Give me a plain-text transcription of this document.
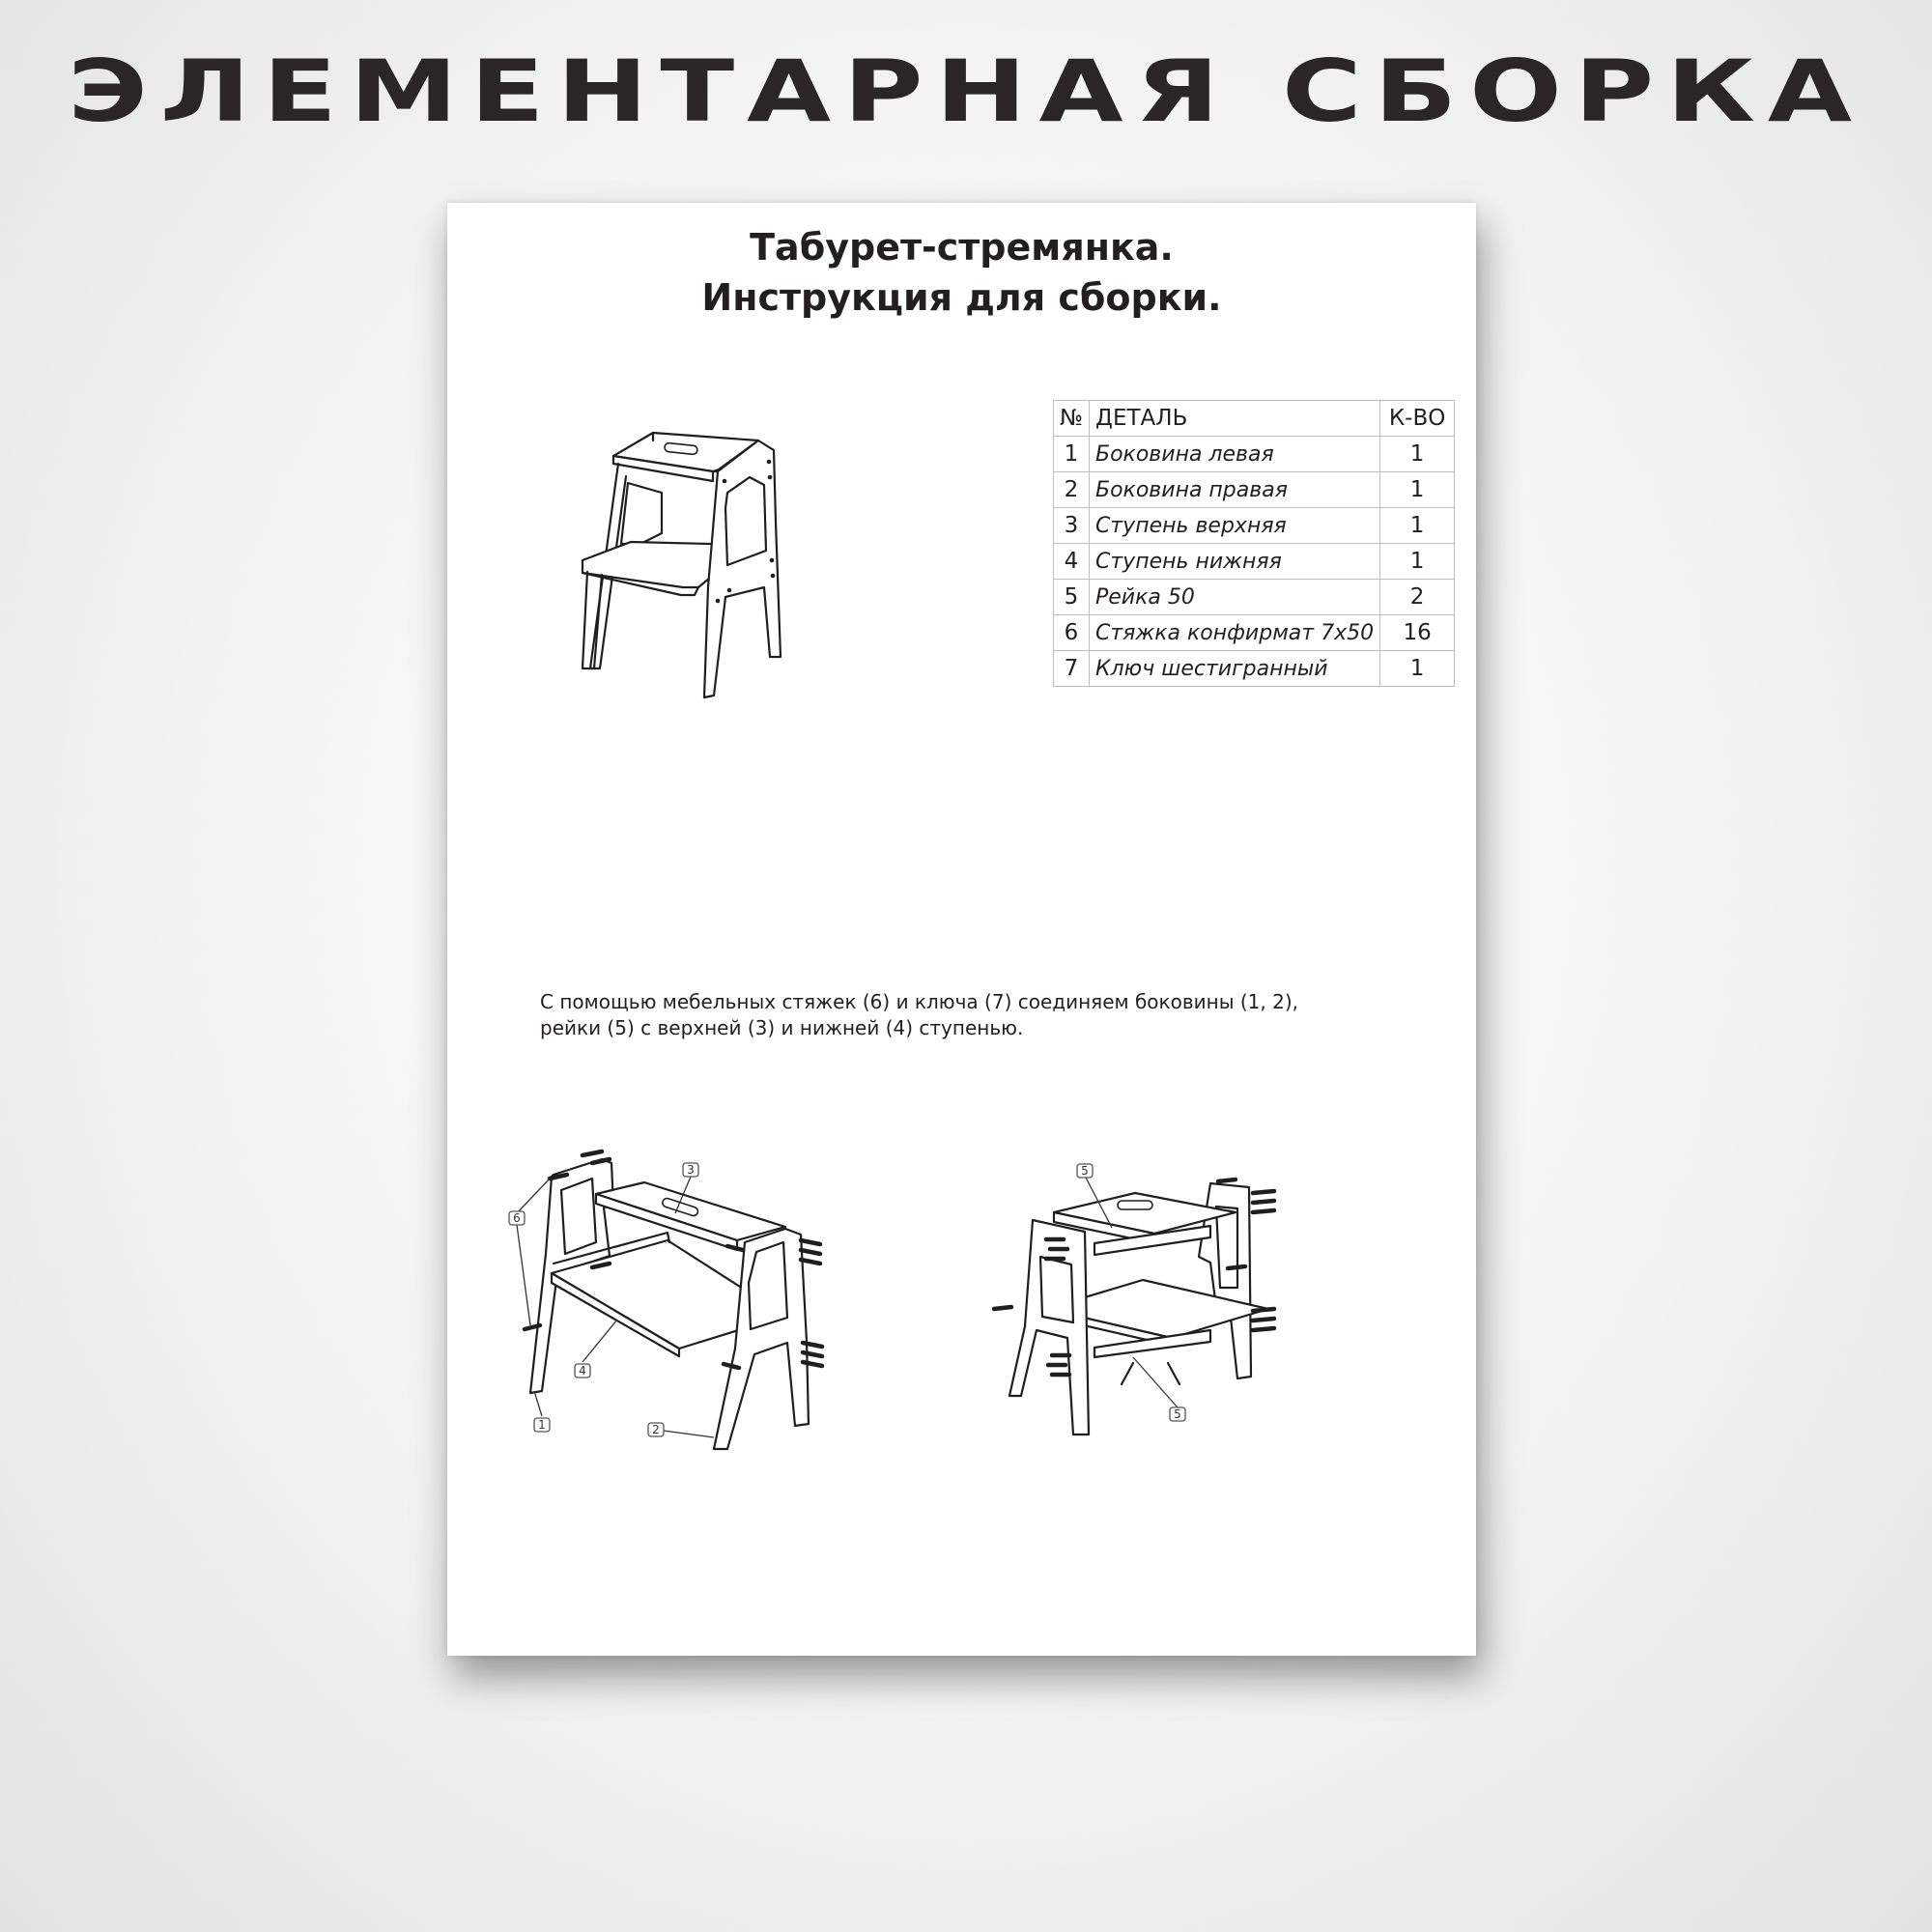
ЭЛЕМЕНТАРНАЯ СБОРКА
Табурет-стремянка.
Инструкция для сборки.
№	ДЕТАЛЬ	К-ВО
1	Боковина левая	1
2	Боковина правая	1
3	Ступень верхняя	1
4	Ступень нижняя	1
5	Рейка 50	2
6	Стяжка конфирмат 7х50	16
7	Ключ шестигранный	1
С помощью мебельных стяжек (6) и ключа (7) соединяем боковины (1, 2),
рейки (5) с верхней (3) и нижней (4) ступенью.
6
3
4
1	2
5
5
